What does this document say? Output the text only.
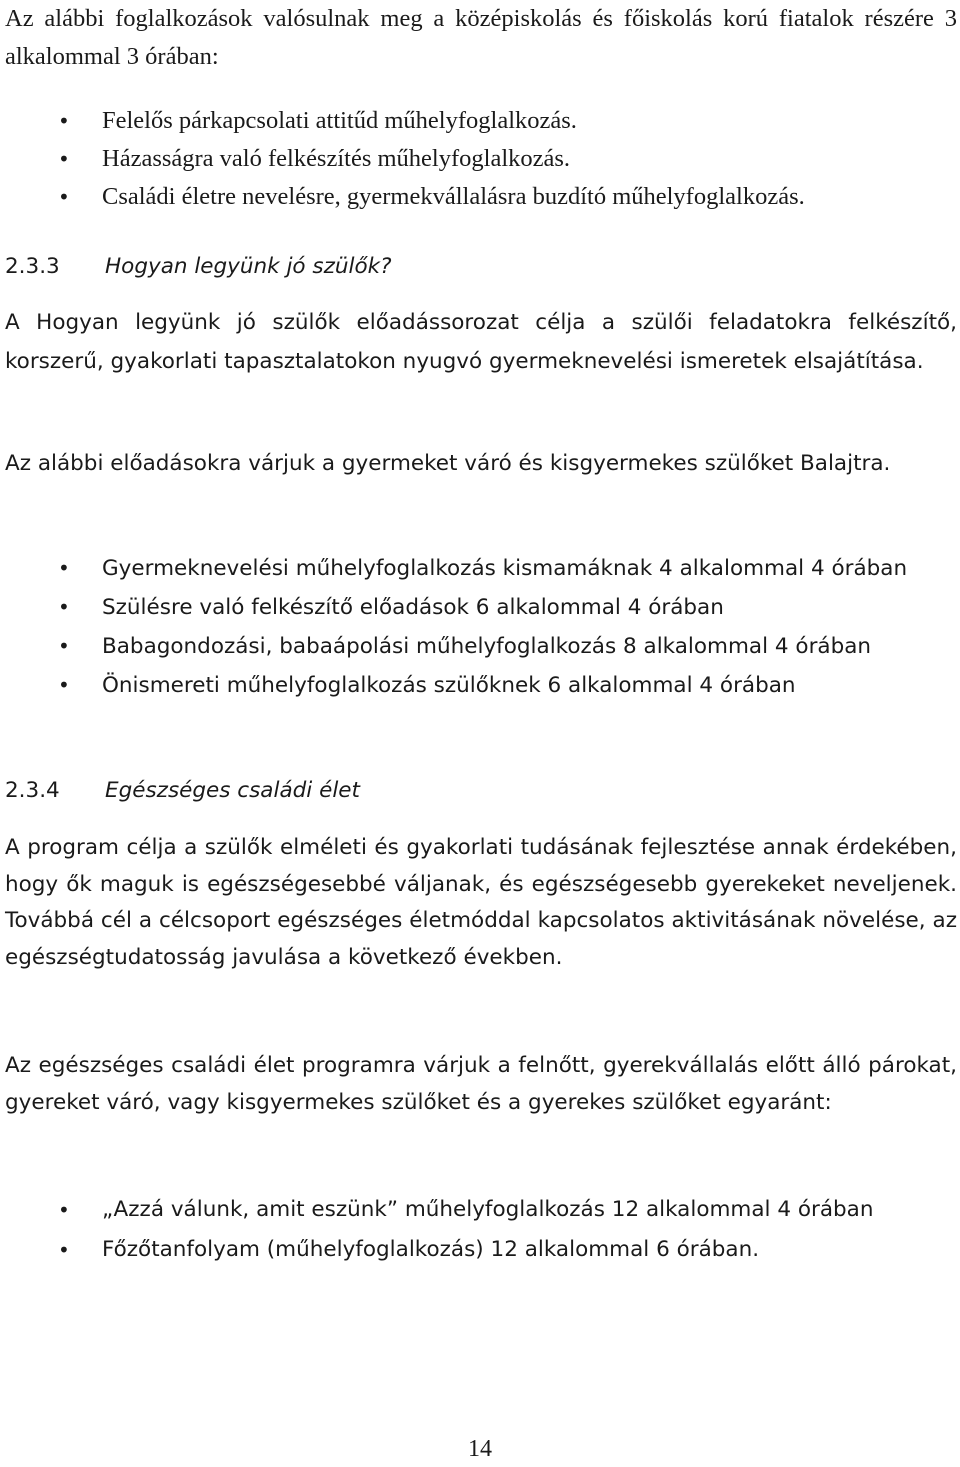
Az alábbi foglalkozások valósulnak meg a középiskolás és főiskolás korú fiatalok részére 3 alkalommal 3 órában:

• Felelős párkapcsolati attitűd műhelyfoglalkozás.
• Házasságra való felkészítés műhelyfoglalkozás.
• Családi életre nevelésre, gyermekvállalásra buzdító műhelyfoglalkozás.
2.3.3	Hogyan legyünk jó szülők?

A Hogyan legyünk jó szülők előadássorozat célja a szülői feladatokra felkészítő, korszerű, gyakorlati tapasztalatokon nyugvó gyermeknevelési ismeretek elsajátítása.

Az alábbi előadásokra várjuk a gyermeket váró és kisgyermekes szülőket Balajtra.

• Gyermeknevelési műhelyfoglalkozás kismamáknak 4 alkalommal 4 órában
• Szülésre való felkészítő előadások 6 alkalommal 4 órában
• Babagondozási, babaápolási műhelyfoglalkozás 8 alkalommal 4 órában
• Önismereti műhelyfoglalkozás szülőknek 6 alkalommal 4 órában
2.3.4	Egészséges családi élet

A program célja a szülők elméleti és gyakorlati tudásának fejlesztése annak érdekében, hogy ők maguk is egészségesebbé váljanak, és egészségesebb gyerekeket neveljenek. Továbbá cél a célcsoport egészséges életmóddal kapcsolatos aktivitásának növelése, az egészségtudatosság javulása a következő években.

Az egészséges családi élet programra várjuk a felnőtt, gyerekvállalás előtt álló párokat, gyereket váró, vagy kisgyermekes szülőket és a gyerekes szülőket egyaránt:

• „Azzá válunk, amit eszünk” műhelyfoglalkozás 12 alkalommal 4 órában
• Főzőtanfolyam (műhelyfoglalkozás) 12 alkalommal 6 órában.
14
